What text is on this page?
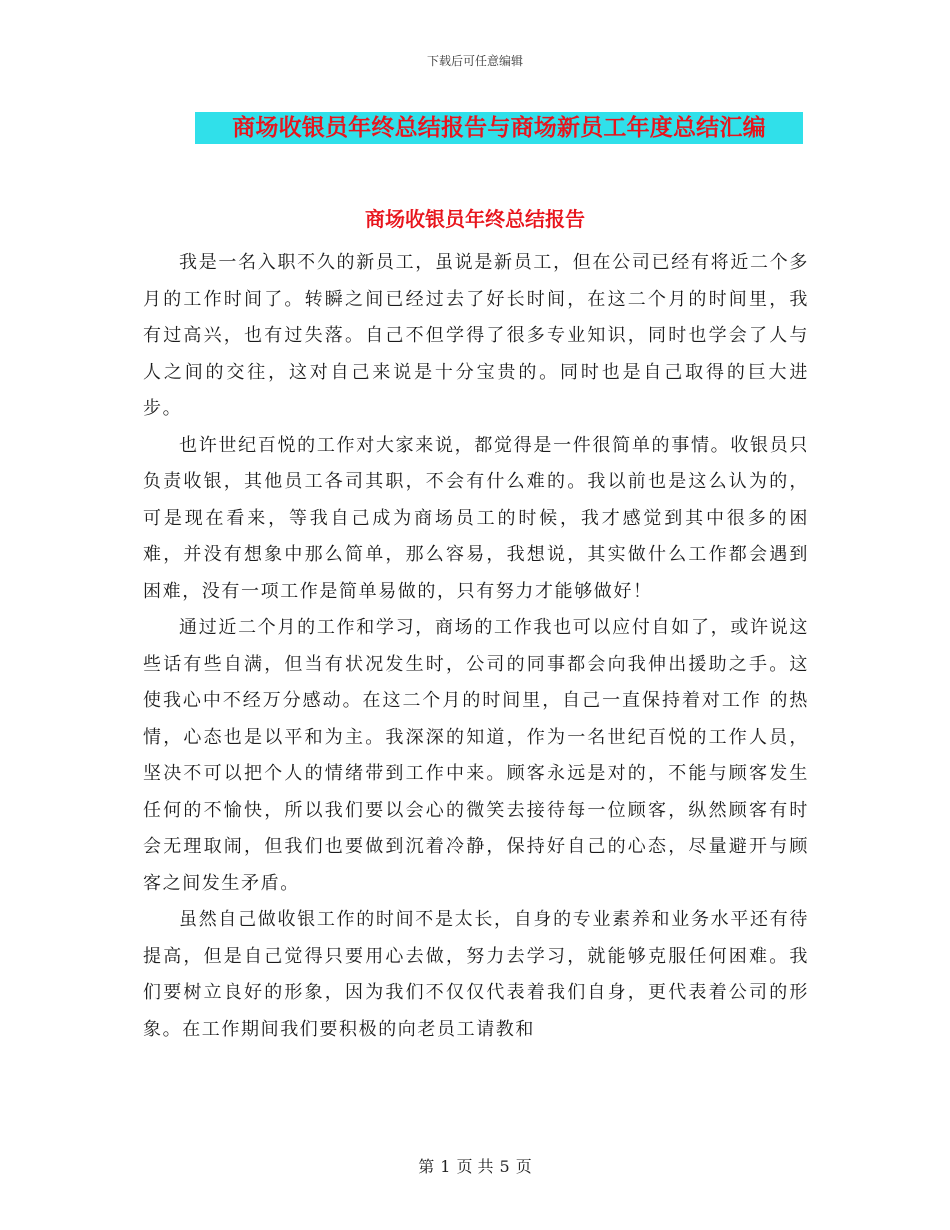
下载后可任意编辑
商场收银员年终总结报告与商场新员工年度总结汇编
商场收银员年终总结报告

我是一名入职不久的新员工，虽说是新员工，但在公司已经有将近二个多月的工作时间了。转瞬之间已经过去了好长时间，在这二个月的时间里，我有过高兴，也有过失落。自己不但学得了很多专业知识，同时也学会了人与人之间的交往，这对自己来说是十分宝贵的。同时也是自己取得的巨大进步。

也许世纪百悦的工作对大家来说，都觉得是一件很简单的事情。收银员只负责收银，其他员工各司其职，不会有什么难的。我以前也是这么认为的，可是现在看来，等我自己成为商场员工的时候，我才感觉到其中很多的困难，并没有想象中那么简单，那么容易，我想说，其实做什么工作都会遇到困难，没有一项工作是简单易做的，只有努力才能够做好！

通过近二个月的工作和学习，商场的工作我也可以应付自如了，或许说这些话有些自满，但当有状况发生时，公司的同事都会向我伸出援助之手。这使我心中不经万分感动。在这二个月的时间里，自己一直保持着对工作 的热情，心态也是以平和为主。我深深的知道，作为一名世纪百悦的工作人员，坚决不可以把个人的情绪带到工作中来。顾客永远是对的，不能与顾客发生任何的不愉快，所以我们要以会心的微笑去接待每一位顾客，纵然顾客有时会无理取闹，但我们也要做到沉着冷静，保持好自己的心态，尽量避开与顾客之间发生矛盾。

虽然自己做收银工作的时间不是太长，自身的专业素养和业务水平还有待提高，但是自己觉得只要用心去做，努力去学习，就能够克服任何困难。我们要树立良好的形象，因为我们不仅仅代表着我们自身，更代表着公司的形象。在工作期间我们要积极的向老员工请教和

第 1 页 共 5 页
